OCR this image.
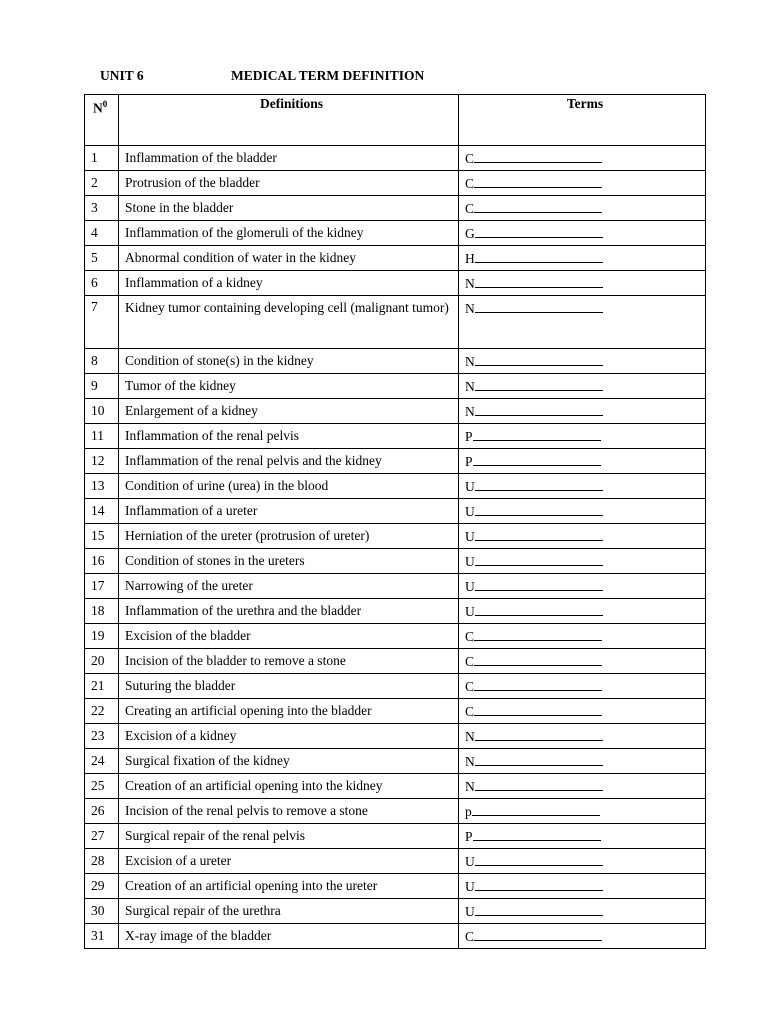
UNIT 6	MEDICAL TERM DEFINITION
$N^0$	Definitions	Terms
1	Inflammation of the bladder	C
2	Protrusion of the bladder	C
3	Stone in the bladder	C
4	Inflammation of the glomeruli of the kidney	G
5	Abnormal condition of water in the kidney	H
6	Inflammation of a kidney	N
7	Kidney tumor containing developing cell (malignant tumor)	N
8	Condition of stone(s) in the kidney	N
9	Tumor of the kidney	N
10	Enlargement of a kidney	N
11	Inflammation of the renal pelvis	P
12	Inflammation of the renal pelvis and the kidney	P
13	Condition of urine (urea) in the blood	U
14	Inflammation of a ureter	U
15	Herniation of the ureter (protrusion of ureter)	U
16	Condition of stones in the ureters	U
17	Narrowing of the ureter	U
18	Inflammation of the urethra and the bladder	U
19	Excision of the bladder	C
20	Incision of the bladder to remove a stone	C
21	Suturing the bladder	C
22	Creating an artificial opening into the bladder	C
23	Excision of a kidney	N
24	Surgical fixation of the kidney	N
25	Creation of an artificial opening into the kidney	N
26	Incision of the renal pelvis to remove a stone	p
27	Surgical repair of the renal pelvis	P
28	Excision of a ureter	U
29	Creation of an artificial opening into the ureter	U
30	Surgical repair of the urethra	U
31	X-ray image of the bladder	C
